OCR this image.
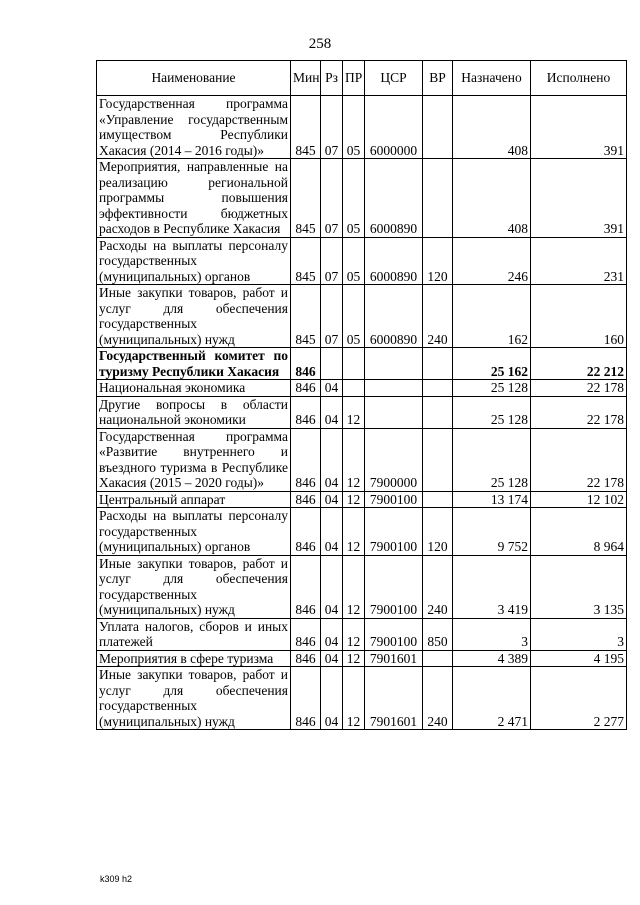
258
Наименование	Мин	Рз	ПР	ЦСР	ВР	Назначено	Исполнено
Государственная программа «Управление государственным имуществом Республики Хакасия (2014 – 2016 годы)»	845	07	05	6000000		408	391
Мероприятия, направленные на реализацию региональной программы повышения эффективности бюджетных расходов в Республике Хакасия	845	07	05	6000890		408	391
Расходы на выплаты персоналу государственных (муниципальных) органов	845	07	05	6000890	120	246	231
Иные закупки товаров, работ и услуг для обеспечения государственных (муниципальных) нужд	845	07	05	6000890	240	162	160
Государственный комитет по туризму Республики Хакасия	846					25 162	22 212
Национальная экономика	846	04				25 128	22 178
Другие вопросы в области национальной экономики	846	04	12			25 128	22 178
Государственная программа «Развитие внутреннего и въездного туризма в Республике Хакасия (2015 – 2020 годы)»	846	04	12	7900000		25 128	22 178
Центральный аппарат	846	04	12	7900100		13 174	12 102
Расходы на выплаты персоналу государственных (муниципальных) органов	846	04	12	7900100	120	9 752	8 964
Иные закупки товаров, работ и услуг для обеспечения государственных (муниципальных) нужд	846	04	12	7900100	240	3 419	3 135
Уплата налогов, сборов и иных платежей	846	04	12	7900100	850	3	3
Мероприятия в сфере туризма	846	04	12	7901601		4 389	4 195
Иные закупки товаров, работ и услуг для обеспечения государственных (муниципальных) нужд	846	04	12	7901601	240	2 471	2 277
k309 h2
